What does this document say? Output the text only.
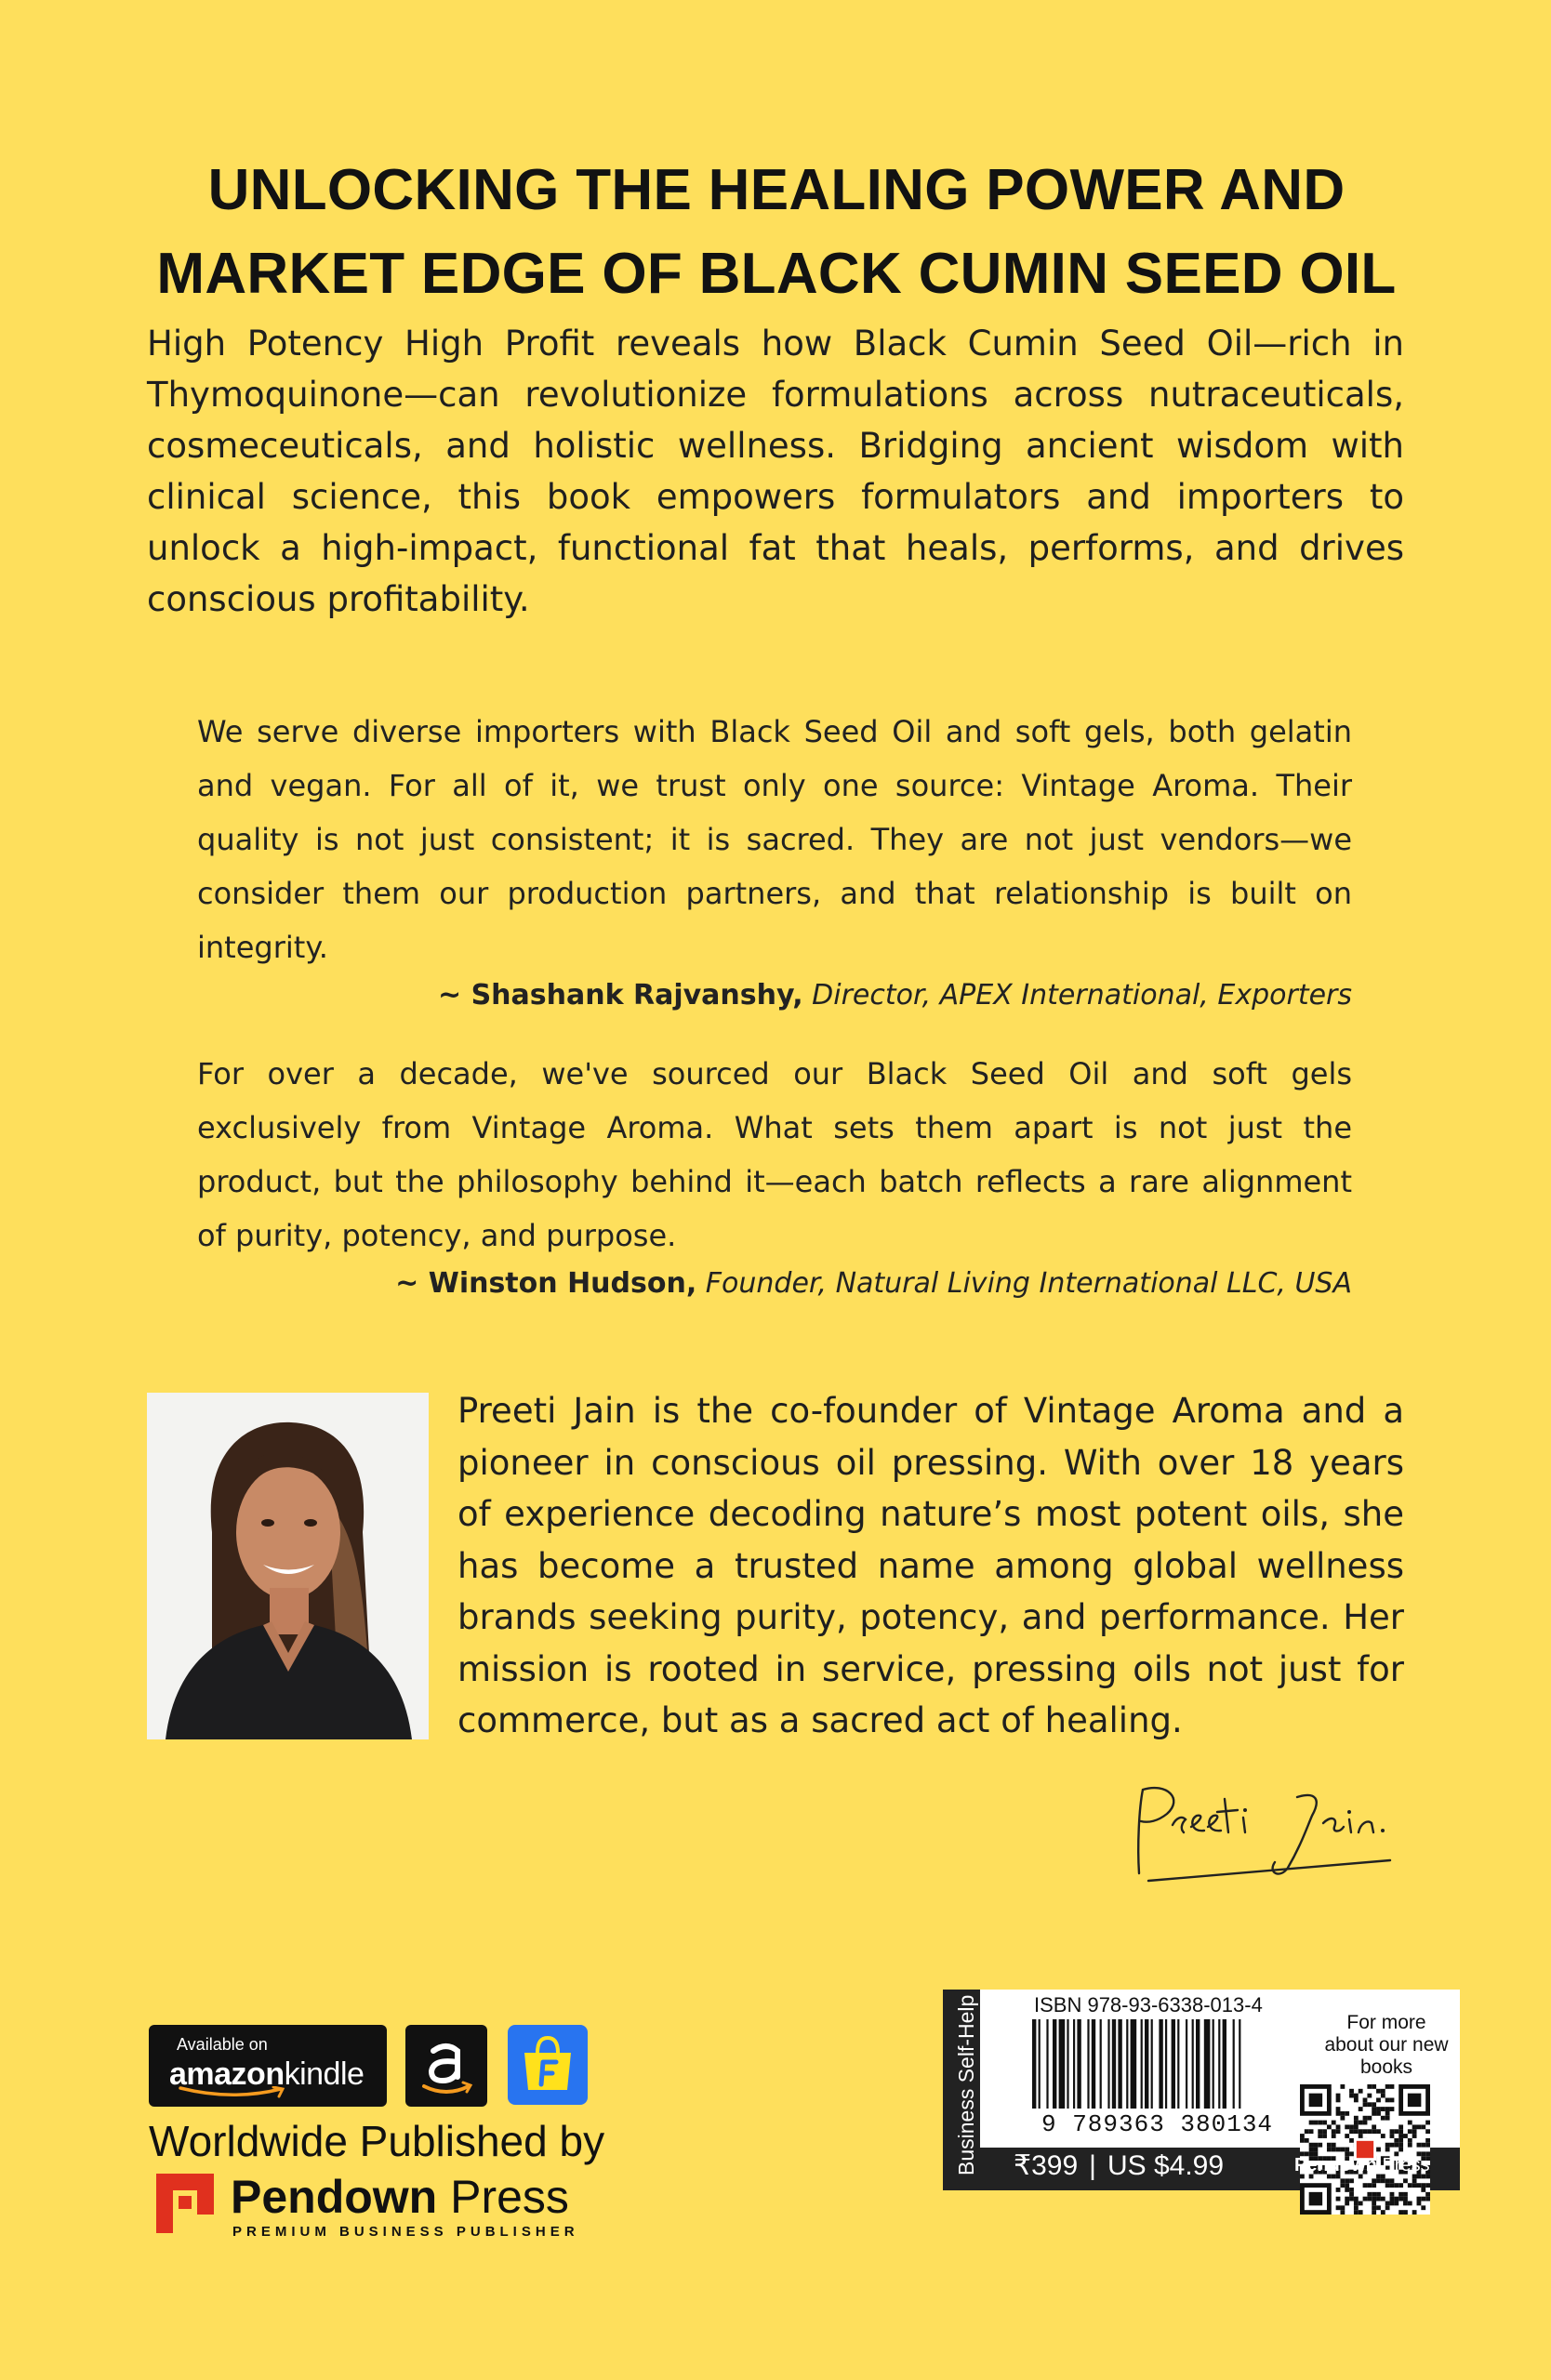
UNLOCKING THE HEALING POWER AND
MARKET EDGE OF BLACK CUMIN SEED OIL

High Potency High Profit reveals how Black Cumin Seed Oil—rich in Thymoquinone—can revolutionize formulations across nutraceuticals, cosmeceuticals, and holistic wellness. Bridging ancient wisdom with clinical science, this book empowers formulators and importers to unlock a high-impact, functional fat that heals, performs, and drives conscious profitability.

We serve diverse importers with Black Seed Oil and soft gels, both gelatin and vegan. For all of it, we trust only one source: Vintage Aroma. Their quality is not just consistent; it is sacred. They are not just vendors—we consider them our production partners, and that relationship is built on integrity.

~ Shashank Rajvanshy, Director, APEX International, Exporters

For over a decade, we've sourced our Black Seed Oil and soft gels exclusively from Vintage Aroma. What sets them apart is not just the product, but the philosophy behind it—each batch reflects a rare alignment of purity, potency, and purpose.

~ Winston Hudson, Founder, Natural Living International LLC, USA

Preeti Jain is the co-founder of Vintage Aroma and a pioneer in conscious oil pressing. With over 18 years of experience decoding nature’s most potent oils, she has become a trusted name among global wellness brands seeking purity, potency, and performance. Her mission is rooted in service, pressing oils not just for commerce, but as a sacred act of healing.

Available on
amazonkindle
Worldwide Published by
Pendown Press
PREMIUM BUSINESS PUBLISHER
Business Self-Help	ISBN 978-93-6338-013-4
9 789363 380134
For more about our new books
₹399 | US $4.99	Pendown Press
